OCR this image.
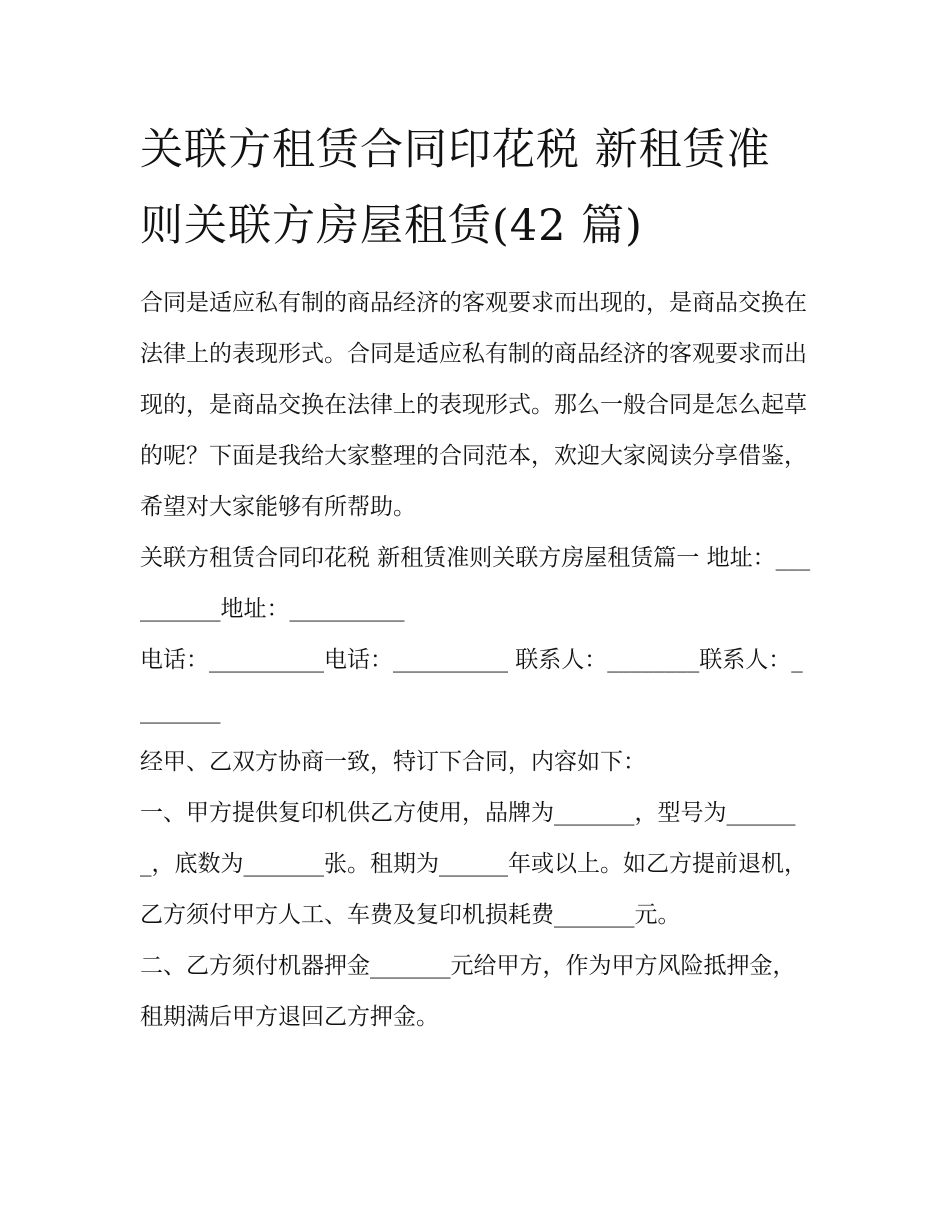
关联方租赁合同印花税 新租赁准则关联方房屋租赁(42 篇)

合同是适应私有制的商品经济的客观要求而出现的，是商品交换在法律上的表现形式。合同是适应私有制的商品经济的客观要求而出现的，是商品交换在法律上的表现形式。那么一般合同是怎么起草的呢？下面是我给大家整理的合同范本，欢迎大家阅读分享借鉴，希望对大家能够有所帮助。

关联方租赁合同印花税 新租赁准则关联方房屋租赁篇一 地址：__________地址：__________

电话：__________电话：__________ 联系人：________联系人：________

经甲、乙双方协商一致，特订下合同，内容如下：

一、甲方提供复印机供乙方使用，品牌为_______，型号为_______，底数为_______张。租期为______年或以上。如乙方提前退机，乙方须付甲方人工、车费及复印机损耗费_______元。

二、乙方须付机器押金_______元给甲方，作为甲方风险抵押金，租期满后甲方退回乙方押金。
